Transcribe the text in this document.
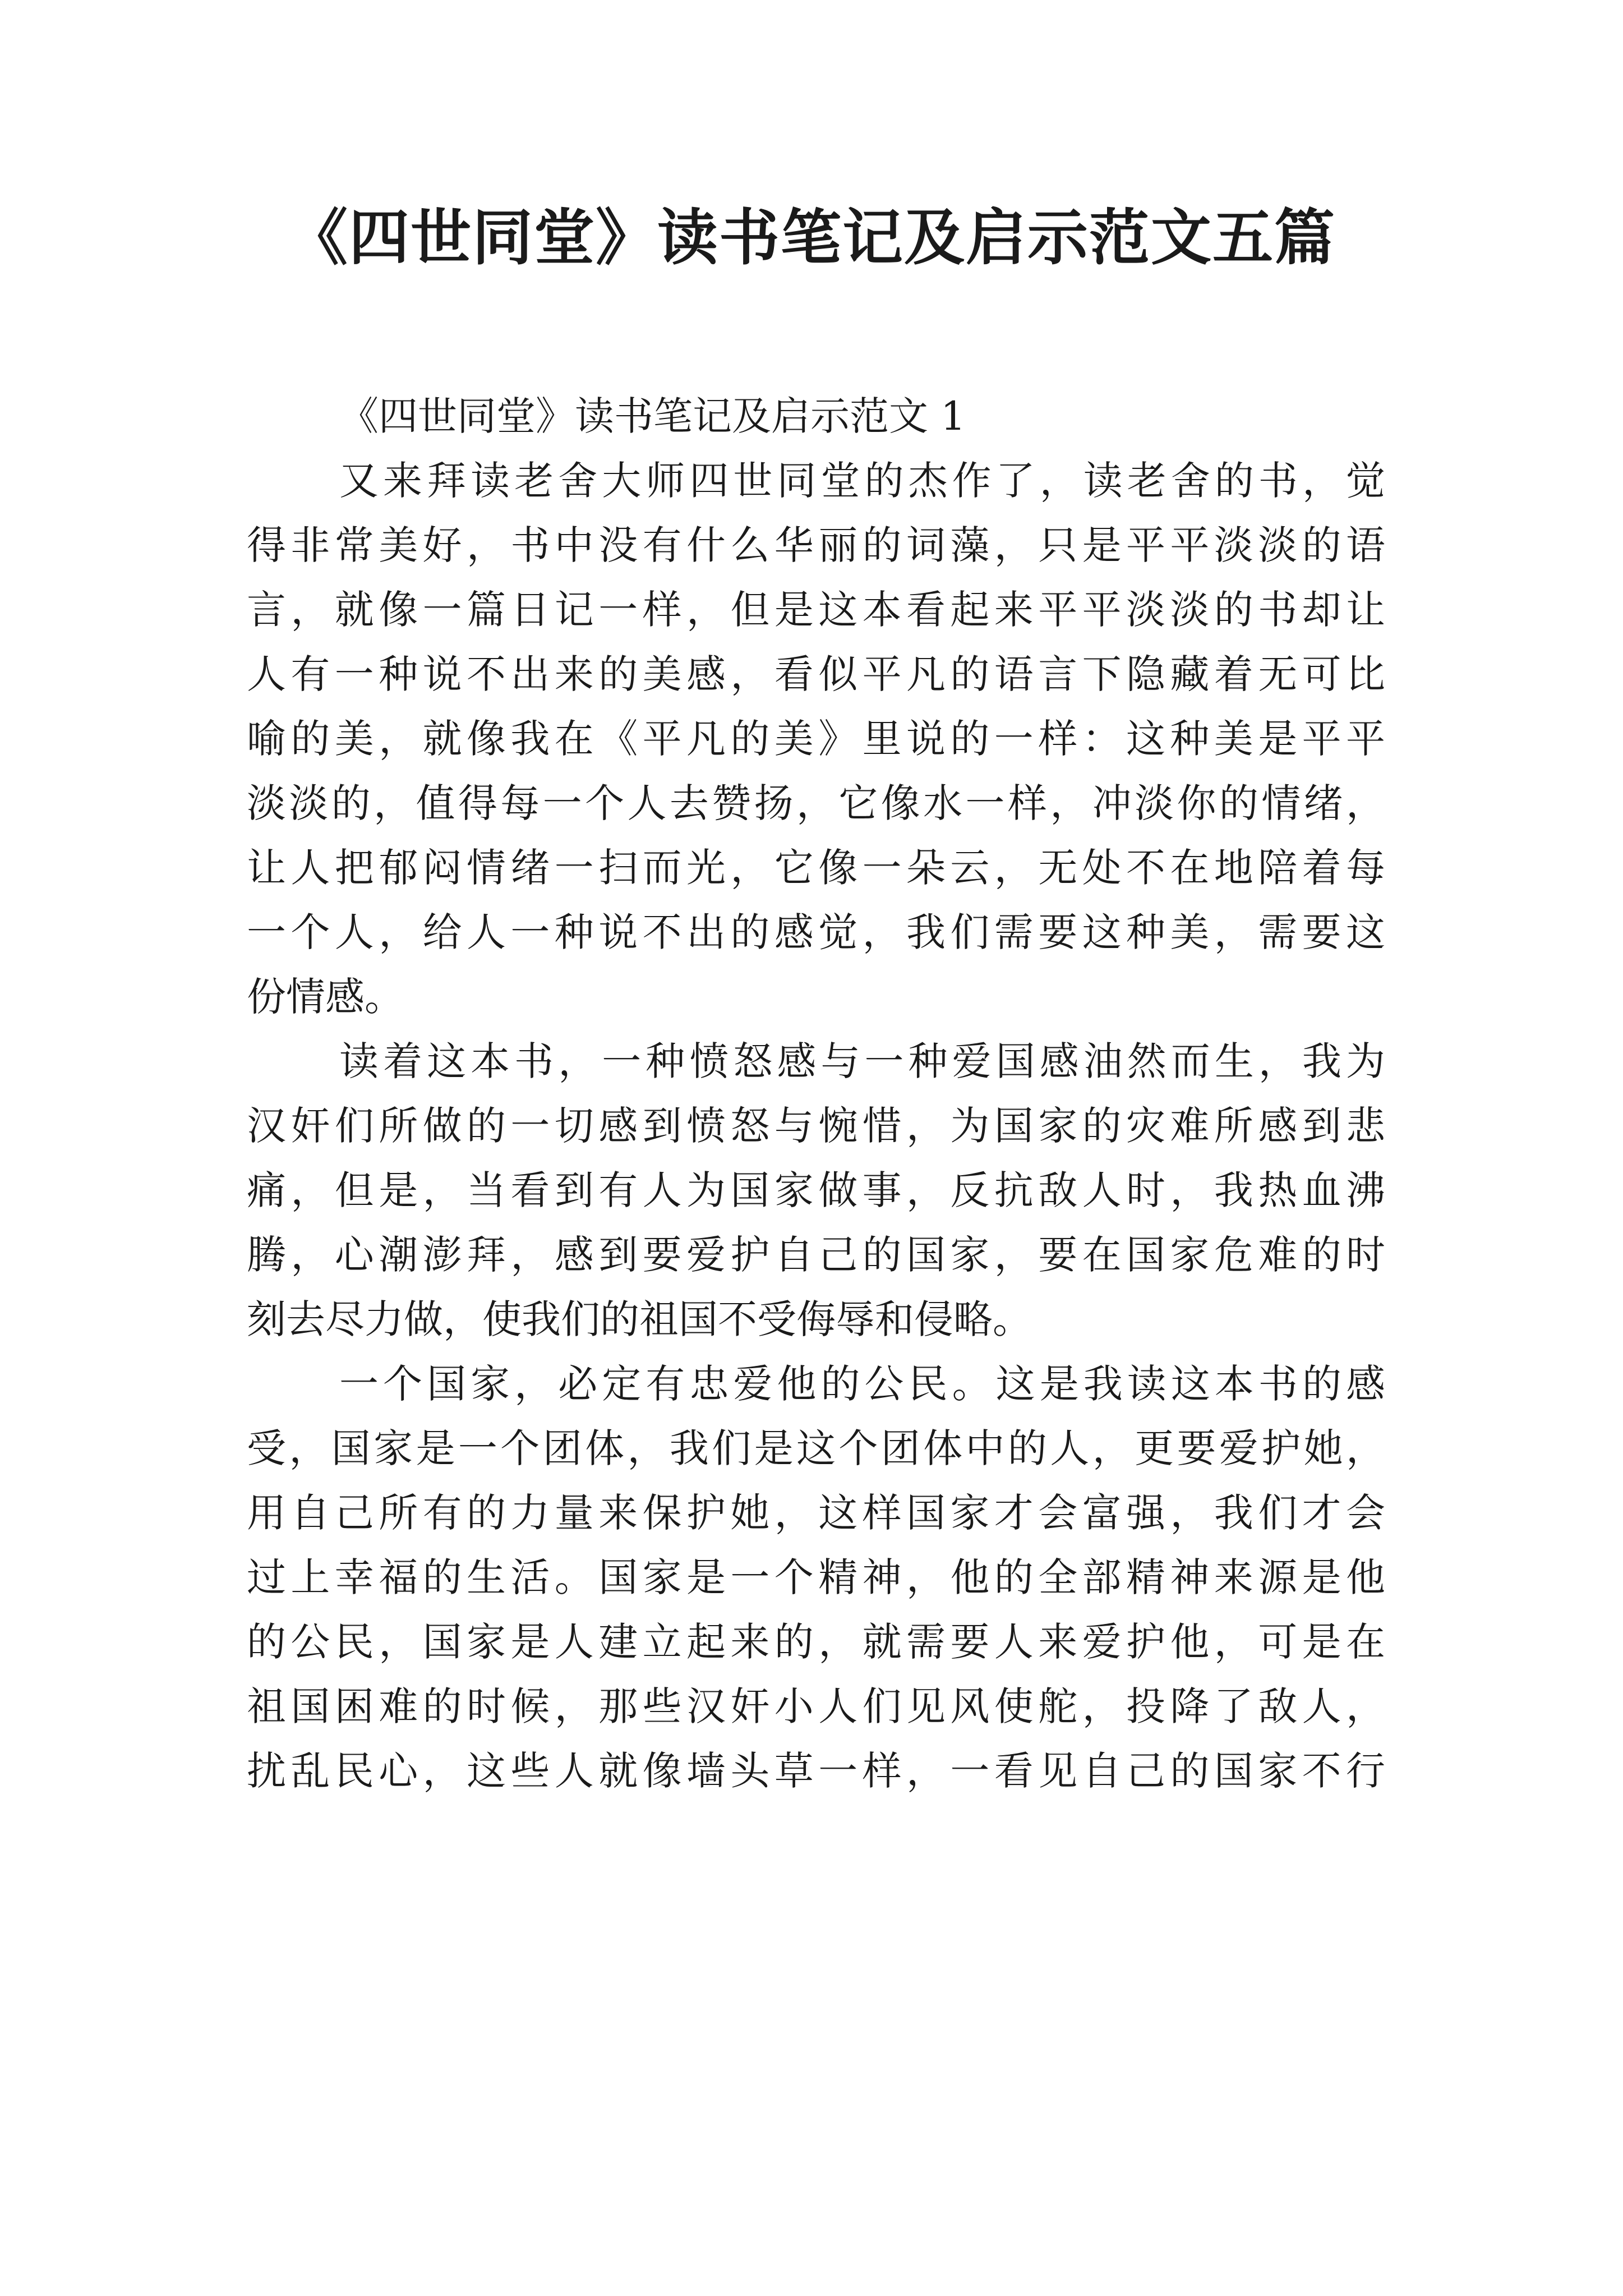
《四世同堂》读书笔记及启示范文五篇
《四世同堂》读书笔记及启示范文 1
又来拜读老舍大师四世同堂的杰作了，读老舍的书，觉
得非常美好，书中没有什么华丽的词藻，只是平平淡淡的语
言，就像一篇日记一样，但是这本看起来平平淡淡的书却让
人有一种说不出来的美感，看似平凡的语言下隐藏着无可比
喻的美，就像我在《平凡的美》里说的一样：这种美是平平
淡淡的，值得每一个人去赞扬，它像水一样，冲淡你的情绪，
让人把郁闷情绪一扫而光，它像一朵云，无处不在地陪着每
一个人，给人一种说不出的感觉，我们需要这种美，需要这
份情感。
读着这本书，一种愤怒感与一种爱国感油然而生，我为
汉奸们所做的一切感到愤怒与惋惜，为国家的灾难所感到悲
痛，但是，当看到有人为国家做事，反抗敌人时，我热血沸
腾，心潮澎拜，感到要爱护自己的国家，要在国家危难的时
刻去尽力做，使我们的祖国不受侮辱和侵略。
一个国家，必定有忠爱他的公民。这是我读这本书的感
受，国家是一个团体，我们是这个团体中的人，更要爱护她，
用自己所有的力量来保护她，这样国家才会富强，我们才会
过上幸福的生活。国家是一个精神，他的全部精神来源是他
的公民，国家是人建立起来的，就需要人来爱护他，可是在
祖国困难的时候，那些汉奸小人们见风使舵，投降了敌人，
扰乱民心，这些人就像墙头草一样，一看见自己的国家不行
